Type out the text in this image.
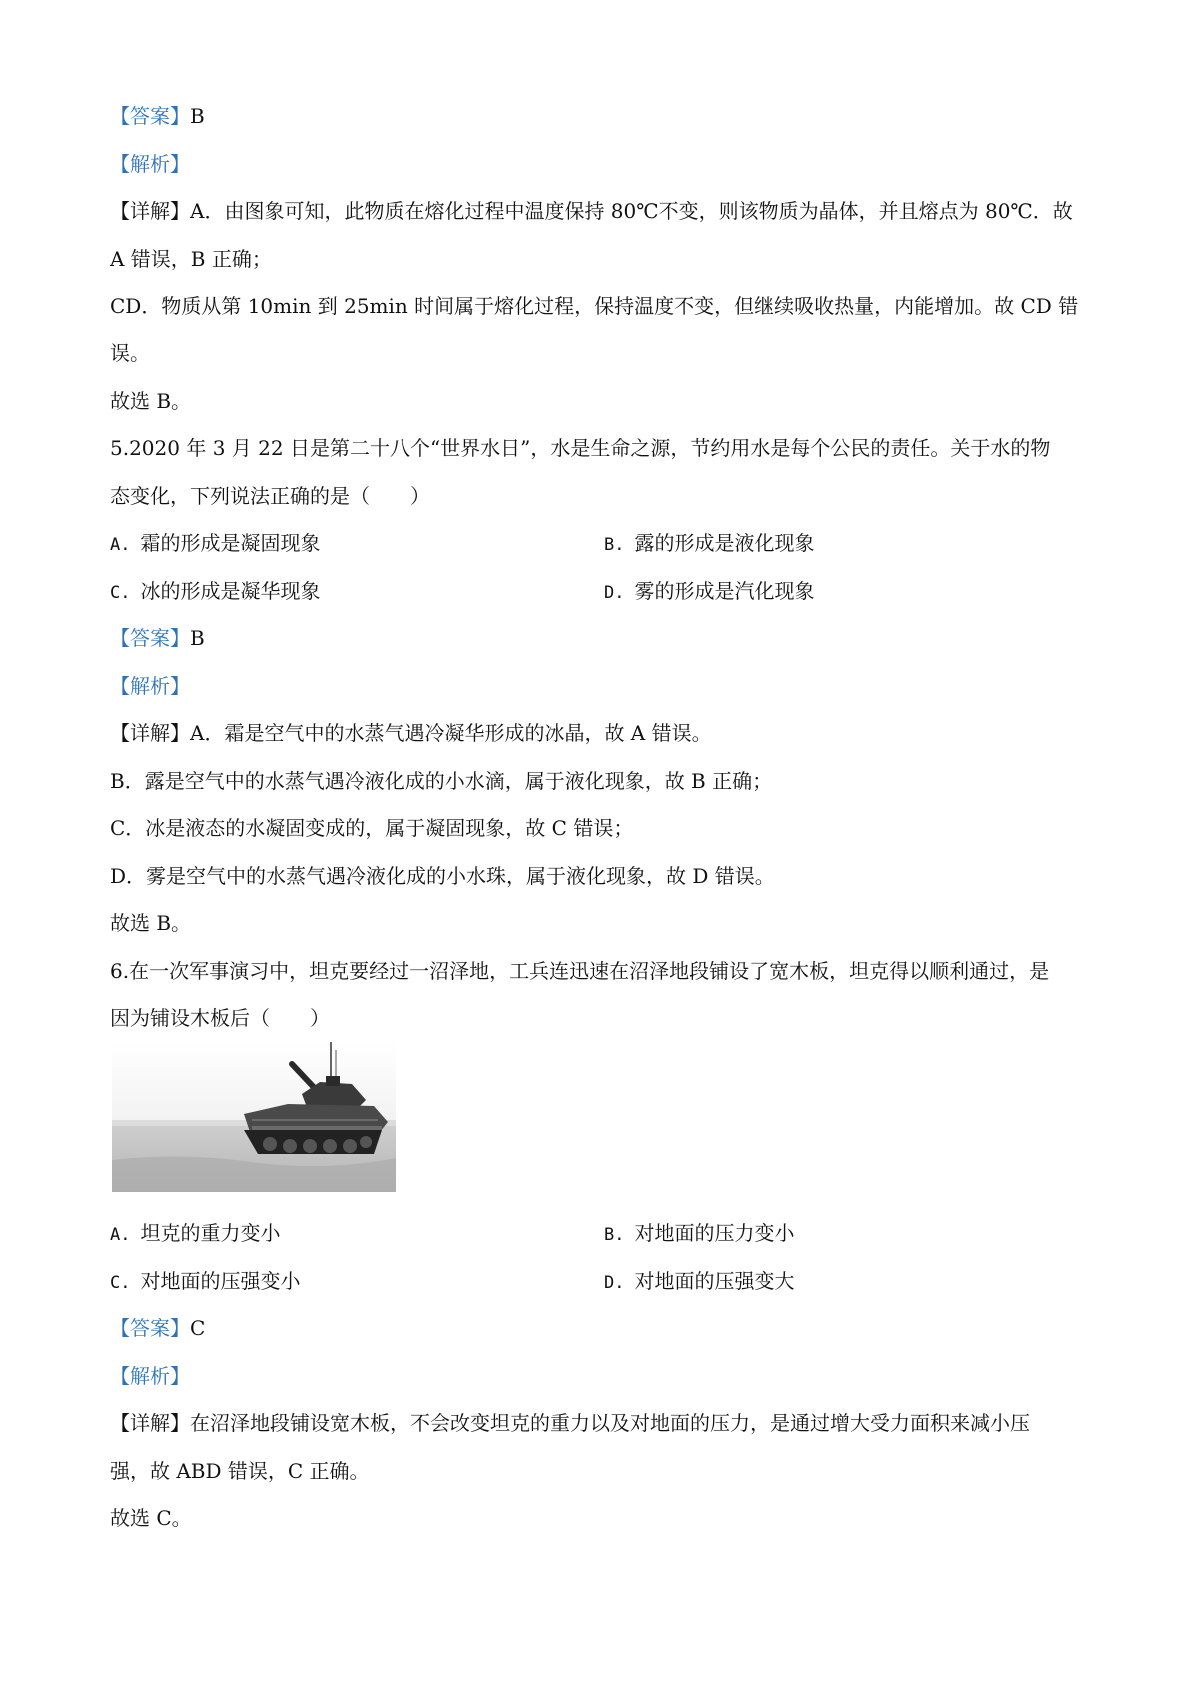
【答案】B
【解析】
【详解】A．由图象可知，此物质在熔化过程中温度保持 80℃不变，则该物质为晶体，并且熔点为 80℃．故
A 错误，B 正确；
CD．物质从第 10min 到 25min 时间属于熔化过程，保持温度不变，但继续吸收热量，内能增加。故 CD 错
误。
故选 B。
5.2020 年 3 月 22 日是第二十八个“世界水日”，水是生命之源，节约用水是每个公民的责任。关于水的物
态变化，下列说法正确的是（　　）
A. 霜的形成是凝固现象	B. 露的形成是液化现象
C. 冰的形成是凝华现象	D. 雾的形成是汽化现象
【答案】B
【解析】
【详解】A．霜是空气中的水蒸气遇冷凝华形成的冰晶，故 A 错误。
B．露是空气中的水蒸气遇冷液化成的小水滴，属于液化现象，故 B 正确；
C．冰是液态的水凝固变成的，属于凝固现象，故 C 错误；
D．雾是空气中的水蒸气遇冷液化成的小水珠，属于液化现象，故 D 错误。
故选 B。
6.在一次军事演习中，坦克要经过一沼泽地，工兵连迅速在沼泽地段铺设了宽木板，坦克得以顺利通过，是
因为铺设木板后（　　）
A. 坦克的重力变小	B. 对地面的压力变小
C. 对地面的压强变小	D. 对地面的压强变大
【答案】C
【解析】
【详解】在沼泽地段铺设宽木板，不会改变坦克的重力以及对地面的压力，是通过增大受力面积来减小压
强，故 ABD 错误，C 正确。
故选 C。
